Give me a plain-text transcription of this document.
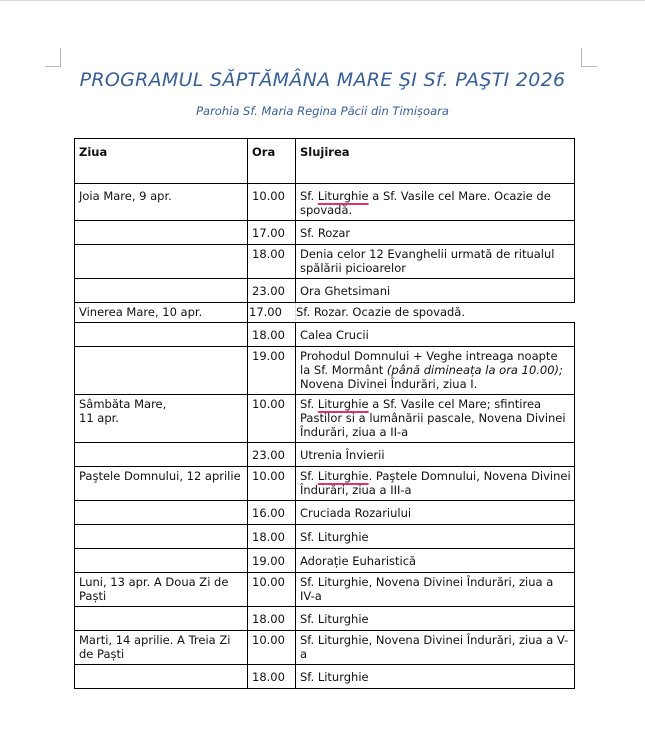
PROGRAMUL SĂPTĂMÂNA MARE ŞI Sf. PAŞTI 2026
Parohia Sf. Maria Regina Păcii din Timișoara
Ziua	Ora	Slujirea
Joia Mare, 9 apr.	10.00	Sf. Liturghie a Sf. Vasile cel Mare. Ocazie de spovadă.
	17.00	Sf. Rozar
	18.00	Denia celor 12 Evanghelii urmată de ritualul spălării picioarelor
	23.00	Ora Ghetsimani
Vinerea Mare, 10 apr.	17.00	Sf. Rozar. Ocazie de spovadă.
	18.00	Calea Crucii
	19.00	Prohodul Domnului + Veghe intreaga noapte la Sf. Mormânt (până dimineața la ora 10.00); Novena Divinei Îndurări, ziua I.
Sâmbăta Mare,
11 apr.	10.00	Sf. Liturghie a Sf. Vasile cel Mare; sfintirea Pastilor si a lumânării pascale, Novena Divinei Îndurări, ziua a II-a
	23.00	Utrenia Învierii
Paştele Domnului, 12 aprilie	10.00	Sf. Liturghie. Paştele Domnului, Novena Divinei Îndurări, ziua a III-a
	16.00	Cruciada Rozariului
	18.00	Sf. Liturghie
	19.00	Adorație Euharistică
Luni, 13 apr. A Doua Zi de Paști	10.00	Sf. Liturghie, Novena Divinei Îndurări, ziua a IV-a
	18.00	Sf. Liturghie
Marti, 14 aprilie. A Treia Zi de Paști	10.00	Sf. Liturghie, Novena Divinei Îndurări, ziua a V-a
	18.00	Sf. Liturghie
